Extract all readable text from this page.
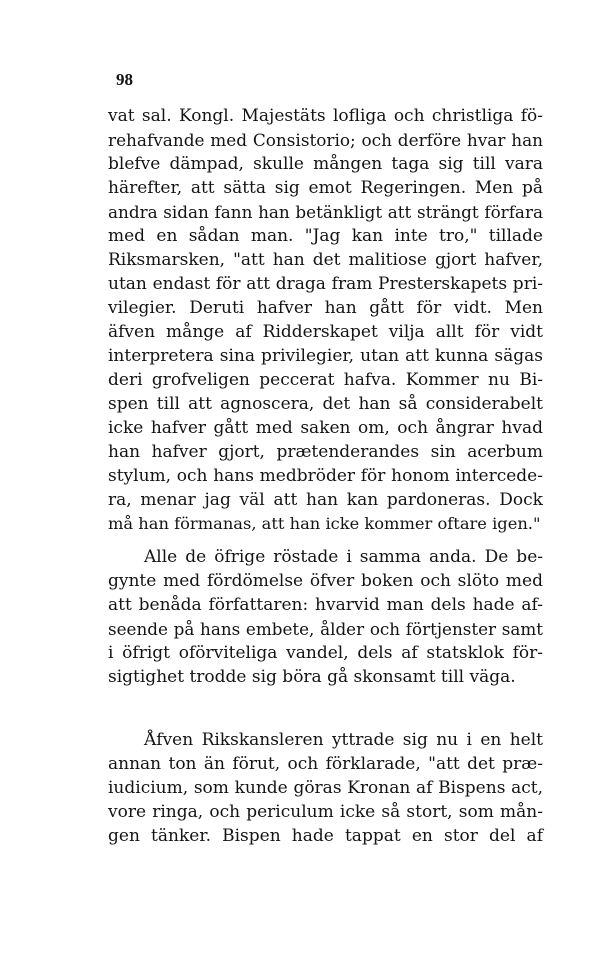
98
vat sal. Kongl. Majestäts lofliga och christliga fö-
rehafvande med Consistorio; och derföre hvar han
blefve dämpad, skulle mången taga sig till vara
härefter, att sätta sig emot Regeringen. Men på
andra sidan fann han betänkligt att strängt förfara
med en sådan man. "Jag kan inte tro," tillade
Riksmarsken, "att han det malitiose gjort hafver,
utan endast för att draga fram Presterskapets pri-
vilegier. Deruti hafver han gått för vidt. Men
äfven månge af Ridderskapet vilja allt för vidt
interpretera sina privilegier, utan att kunna sägas
deri grofveligen peccerat hafva. Kommer nu Bi-
spen till att agnoscera, det han så considerabelt
icke hafver gått med saken om, och ångrar hvad
han hafver gjort, prætenderandes sin acerbum
stylum, och hans medbröder för honom intercede-
ra, menar jag väl att han kan pardoneras. Dock
må han förmanas, att han icke kommer oftare igen."
Alle de öfrige röstade i samma anda. De be-
gynte med fördömelse öfver boken och slöto med
att benåda författaren: hvarvid man dels hade af-
seende på hans embete, ålder och förtjenster samt
i öfrigt oförviteliga vandel, dels af statsklok för-
sigtighet trodde sig böra gå skonsamt till väga.
Åfven Rikskansleren yttrade sig nu i en helt
annan ton än förut, och förklarade, "att det præ-
iudicium, som kunde göras Kronan af Bispens act,
vore ringa, och periculum icke så stort, som mån-
gen tänker. Bispen hade tappat en stor del af
